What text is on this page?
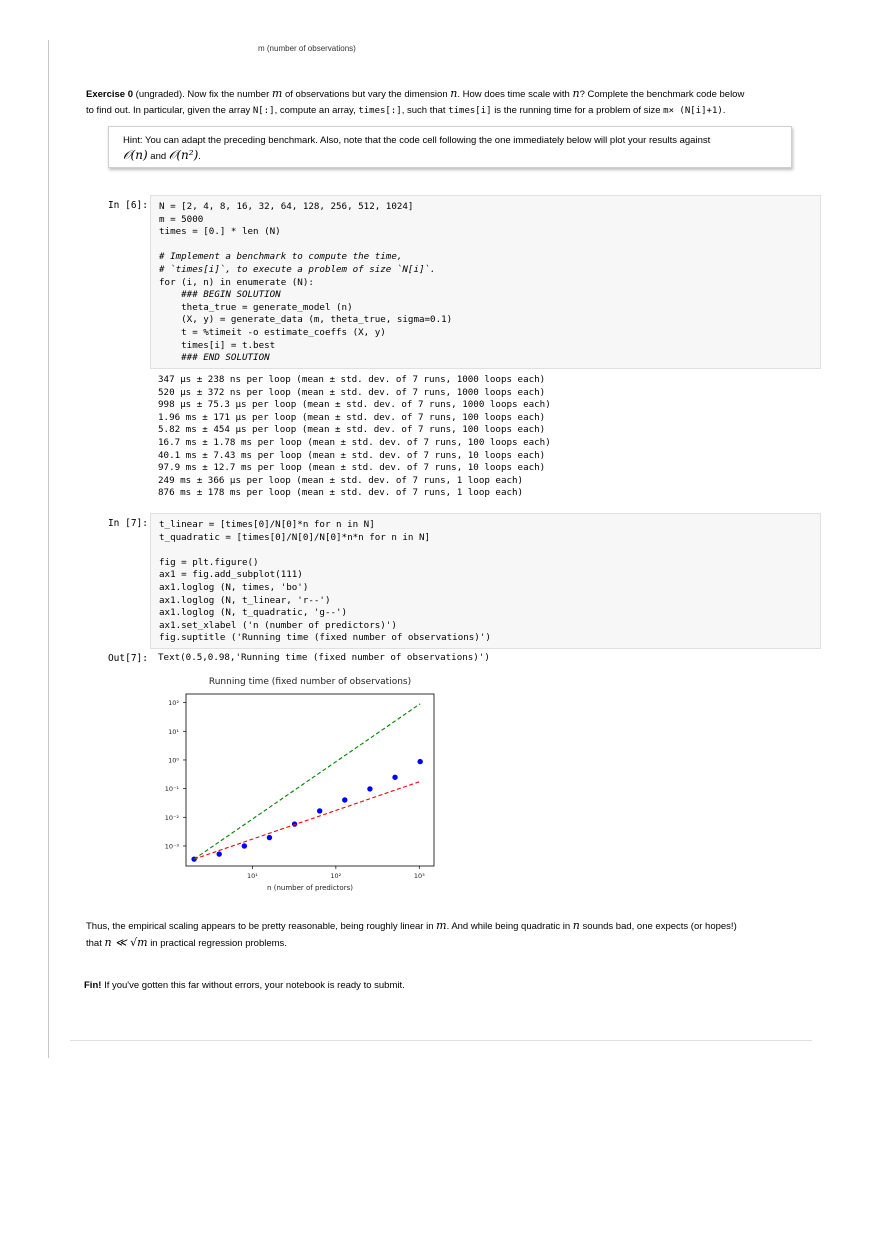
m (number of observations)
Exercise 0 (ungraded). Now fix the number m of observations but vary the dimension n. How does time scale with n? Complete the benchmark code below
to find out. In particular, given the array N[:], compute an array, times[:], such that times[i] is the running time for a problem of size m× (N[i]+1).
Hint: You can adapt the preceding benchmark. Also, note that the code cell following the one immediately below will plot your results against
𝒪(n) and 𝒪(n²).
In [6]: N = [2, 4, 8, 16, 32, 64, 128, 256, 512, 1024]
m = 5000
times = [0.] * len (N)

# Implement a benchmark to compute the time,
# `times[i]`, to execute a problem of size `N[i]`.
for (i, n) in enumerate (N):
### BEGIN SOLUTION
theta_true = generate_model (n)
(X, y) = generate_data (m, theta_true, sigma=0.1)
t = %timeit -o estimate_coeffs (X, y)
times[i] = t.best
### END SOLUTION

347 µs ± 238 ns per loop (mean ± std. dev. of 7 runs, 1000 loops each)
520 µs ± 372 ns per loop (mean ± std. dev. of 7 runs, 1000 loops each)
998 µs ± 75.3 µs per loop (mean ± std. dev. of 7 runs, 1000 loops each)
1.96 ms ± 171 µs per loop (mean ± std. dev. of 7 runs, 100 loops each)
5.82 ms ± 454 µs per loop (mean ± std. dev. of 7 runs, 100 loops each)
16.7 ms ± 1.78 ms per loop (mean ± std. dev. of 7 runs, 100 loops each)
40.1 ms ± 7.43 ms per loop (mean ± std. dev. of 7 runs, 10 loops each)
97.9 ms ± 12.7 ms per loop (mean ± std. dev. of 7 runs, 10 loops each)
249 ms ± 366 µs per loop (mean ± std. dev. of 7 runs, 1 loop each)
876 ms ± 178 ms per loop (mean ± std. dev. of 7 runs, 1 loop each)

In [7]: t_linear = [times[0]/N[0]*n for n in N]
t_quadratic = [times[0]/N[0]/N[0]*n*n for n in N]

fig = plt.figure()
ax1 = fig.add_subplot(111)
ax1.loglog (N, times, 'bo')
ax1.loglog (N, t_linear, 'r--')
ax1.loglog (N, t_quadratic, 'g--')
ax1.set_xlabel ('n (number of predictors)')
fig.suptitle ('Running time (fixed number of observations)')

Out[7]: Text(0.5,0.98,'Running time (fixed number of observations)')
Running time (fixed number of observations)
10⁻³
10⁻²
10⁻¹
10⁰
10¹
10²
10¹	10²	10³
n (number of predictors)
Thus, the empirical scaling appears to be pretty reasonable, being roughly linear in m. And while being quadratic in n sounds bad, one expects (or hopes!)
that n ≪ √m in practical regression problems.
Fin! If you've gotten this far without errors, your notebook is ready to submit.
